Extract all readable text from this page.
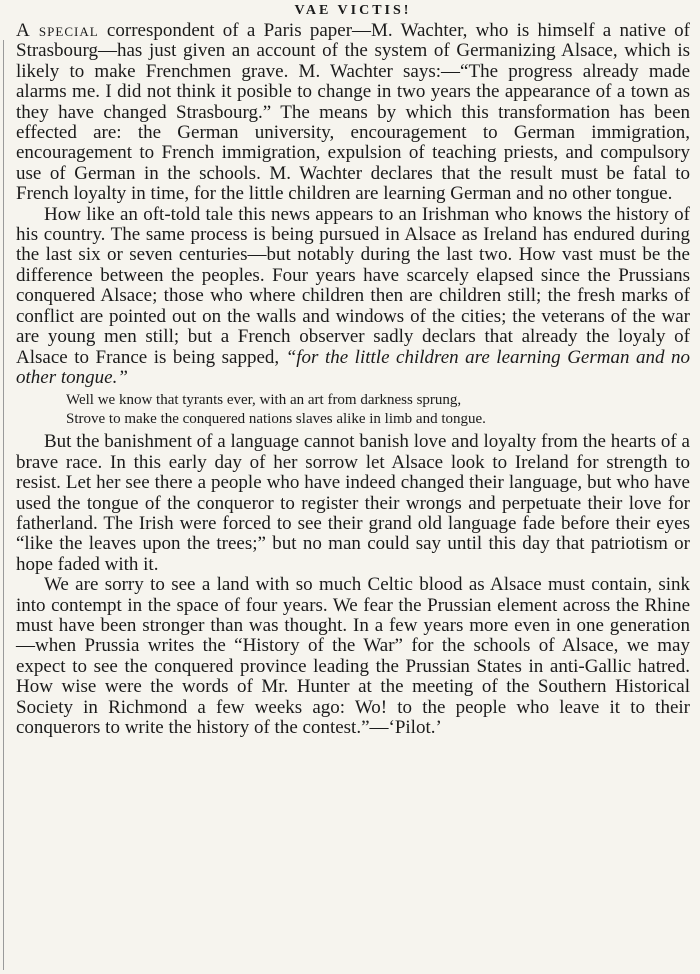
VAE VICTIS!

A special correspondent of a Paris paper—M. Wachter, who is himself a native of Strasbourg—has just given an account of the system of Germanizing Alsace, which is likely to make Frenchmen grave. M. Wachter says:—“The progress already made alarms me. I did not think it posible to change in two years the appearance of a town as they have changed Strasbourg.” The means by which this transformation has been effected are: the German university, encouragement to German immigration, encouragement to French immigration, expulsion of teaching priests, and compulsory use of German in the schools. M. Wachter declares that the result must be fatal to French loyalty in time, for the little children are learning German and no other tongue.

How like an oft-told tale this news appears to an Irishman who knows the history of his country. The same process is being pursued in Alsace as Ireland has endured during the last six or seven centuries—but notably during the last two. How vast must be the difference between the peoples. Four years have scarcely elapsed since the Prussians conquered Alsace; those who where children then are children still; the fresh marks of conflict are pointed out on the walls and windows of the cities; the veterans of the war are young men still; but a French observer sadly declars that already the loyaly of Alsace to France is being sapped, “for the little children are learning German and no other tongue.”

Well we know that tyrants ever, with an art from darkness sprung,
Strove to make the conquered nations slaves alike in limb and tongue.

But the banishment of a language cannot banish love and loyalty from the hearts of a brave race. In this early day of her sorrow let Alsace look to Ireland for strength to resist. Let her see there a people who have indeed changed their language, but who have used the tongue of the conqueror to register their wrongs and perpetuate their love for fatherland. The Irish were forced to see their grand old language fade before their eyes “like the leaves upon the trees;” but no man could say until this day that patriotism or hope faded with it.

We are sorry to see a land with so much Celtic blood as Alsace must contain, sink into contempt in the space of four years. We fear the Prussian element across the Rhine must have been stronger than was thought. In a few years more even in one generation—when Prussia writes the “History of the War” for the schools of Alsace, we may expect to see the conquered province leading the Prussian States in anti-Gallic hatred. How wise were the words of Mr. Hunter at the meeting of the Southern Historical Society in Richmond a few weeks ago: Wo! to the people who leave it to their conquerors to write the history of the contest.”—‘Pilot.’
